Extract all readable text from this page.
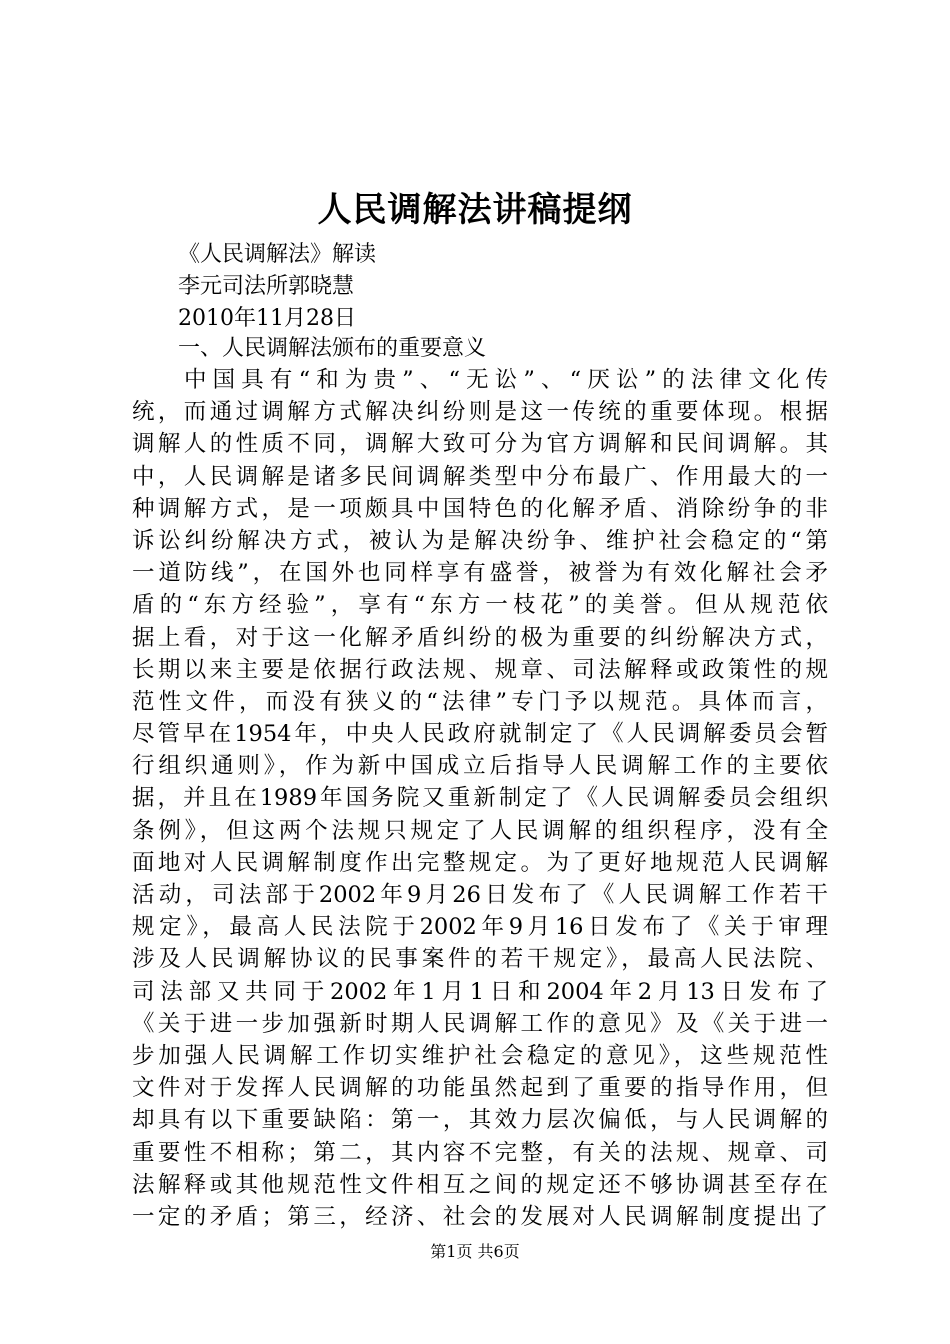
人民调解法讲稿提纲

《人民调解法》解读

李元司法所郭晓慧

2010年11月28日

一、人民调解法颁布的重要意义

中国具有“和为贵”、“无讼”、“厌讼”的法律文化传
统，而通过调解方式解决纠纷则是这一传统的重要体现。根据
调解人的性质不同，调解大致可分为官方调解和民间调解。其
中，人民调解是诸多民间调解类型中分布最广、作用最大的一
种调解方式，是一项颇具中国特色的化解矛盾、消除纷争的非
诉讼纠纷解决方式，被认为是解决纷争、维护社会稳定的“第
一道防线”，在国外也同样享有盛誉，被誉为有效化解社会矛
盾的“东方经验”，享有“东方一枝花”的美誉。但从规范依
据上看，对于这一化解矛盾纠纷的极为重要的纠纷解决方式，
长期以来主要是依据行政法规、规章、司法解释或政策性的规
范性文件，而没有狭义的“法律”专门予以规范。具体而言，
尽管早在1954年，中央人民政府就制定了《人民调解委员会暂
行组织通则》，作为新中国成立后指导人民调解工作的主要依
据，并且在1989年国务院又重新制定了《人民调解委员会组织
条例》，但这两个法规只规定了人民调解的组织程序，没有全
面地对人民调解制度作出完整规定。为了更好地规范人民调解
活动，司法部于2002年9月26日发布了《人民调解工作若干
规定》，最高人民法院于2002年9月16日发布了《关于审理
涉及人民调解协议的民事案件的若干规定》，最高人民法院、
司法部又共同于2002年1月1日和2004年2月13日发布了
《关于进一步加强新时期人民调解工作的意见》及《关于进一
步加强人民调解工作切实维护社会稳定的意见》，这些规范性
文件对于发挥人民调解的功能虽然起到了重要的指导作用，但
却具有以下重要缺陷：第一，其效力层次偏低，与人民调解的
重要性不相称；第二，其内容不完整，有关的法规、规章、司
法解释或其他规范性文件相互之间的规定还不够协调甚至存在
一定的矛盾；第三，经济、社会的发展对人民调解制度提出了
第1页 共6页
